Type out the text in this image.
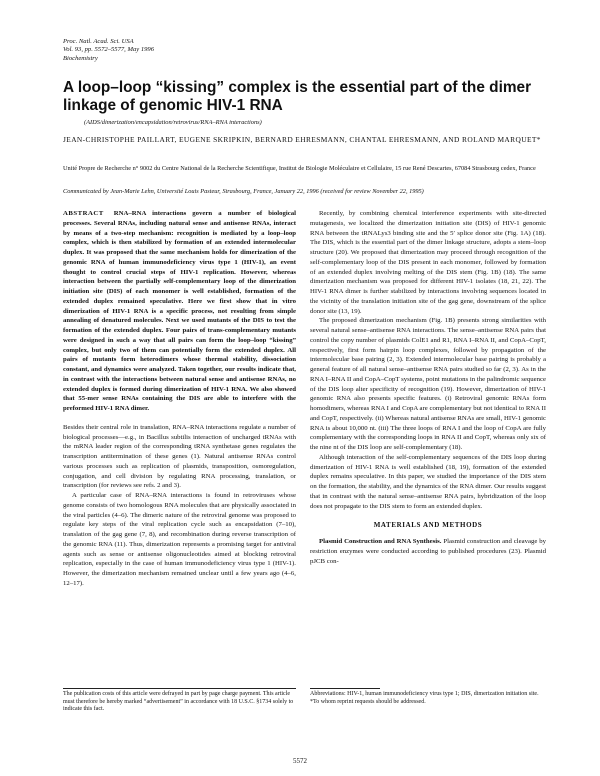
Proc. Natl. Acad. Sci. USA
Vol. 93, pp. 5572–5577, May 1996
Biochemistry
A loop–loop “kissing” complex is the essential part of the dimer linkage of genomic HIV-1 RNA
(AIDS/dimerization/encapsidation/retrovirus/RNA–RNA interactions)
JEAN-CHRISTOPHE PAILLART, EUGENE SKRIPKIN, BERNARD EHRESMANN, CHANTAL EHRESMANN, AND ROLAND MARQUET*
Unité Propre de Recherche n° 9002 du Centre National de la Recherche Scientifique, Institut de Biologie Moléculaire et Cellulaire, 15 rue René Descartes, 67084 Strasbourg cedex, France
Communicated by Jean-Marie Lehn, Université Louis Pasteur, Strasbourg, France, January 22, 1996 (received for review November 22, 1995)

ABSTRACT RNA–RNA interactions govern a number of biological processes. Several RNAs, including natural sense and antisense RNAs, interact by means of a two-step mechanism: recognition is mediated by a loop–loop complex, which is then stabilized by formation of an extended intermolecular duplex. It was proposed that the same mechanism holds for dimerization of the genomic RNA of human immunodeficiency virus type 1 (HIV-1), an event thought to control crucial steps of HIV-1 replication. However, whereas interaction between the partially self-complementary loop of the dimerization initiation site (DIS) of each monomer is well established, formation of the extended duplex remained speculative. Here we first show that in vitro dimerization of HIV-1 RNA is a specific process, not resulting from simple annealing of denatured molecules. Next we used mutants of the DIS to test the formation of the extended duplex. Four pairs of trans-complementary mutants were designed in such a way that all pairs can form the loop–loop “kissing” complex, but only two of them can potentially form the extended duplex. All pairs of mutants form heterodimers whose thermal stability, dissociation constant, and dynamics were analyzed. Taken together, our results indicate that, in contrast with the interactions between natural sense and antisense RNAs, no extended duplex is formed during dimerization of HIV-1 RNA. We also showed that 55-mer sense RNAs containing the DIS are able to interfere with the preformed HIV-1 RNA dimer.

Besides their central role in translation, RNA–RNA interactions regulate a number of biological processes—e.g., in Bacillus subtilis interaction of uncharged tRNAs with the mRNA leader region of the corresponding tRNA synthetase genes regulates the transcription antitermination of these genes (1). Natural antisense RNAs control various processes such as replication of plasmids, transposition, osmoregulation, conjugation, and cell division by regulating RNA processing, translation, or transcription (for reviews see refs. 2 and 3).

A particular case of RNA–RNA interactions is found in retroviruses whose genome consists of two homologous RNA molecules that are physically associated in the viral particles (4–6). The dimeric nature of the retroviral genome was proposed to regulate key steps of the viral replication cycle such as encapsidation (7–10), translation of the gag gene (7, 8), and recombination during reverse transcription of the genomic RNA (11). Thus, dimerization represents a promising target for antiviral agents such as sense or antisense oligonucleotides aimed at blocking retroviral replication, especially in the case of human immunodeficiency virus type 1 (HIV-1). However, the dimerization mechanism remained unclear until a few years ago (4–6, 12–17).

Recently, by combining chemical interference experiments with site-directed mutagenesis, we localized the dimerization initiation site (DIS) of HIV-1 genomic RNA between the tRNALys3 binding site and the 5′ splice donor site (Fig. 1A) (18). The DIS, which is the essential part of the dimer linkage structure, adopts a stem–loop structure (20). We proposed that dimerization may proceed through recognition of the self-complementary loop of the DIS present in each monomer, followed by formation of an extended duplex involving melting of the DIS stem (Fig. 1B) (18). The same dimerization mechanism was proposed for different HIV-1 isolates (18, 21, 22). The HIV-1 RNA dimer is further stabilized by interactions involving sequences located in the vicinity of the translation initiation site of the gag gene, downstream of the splice donor site (13, 19).

The proposed dimerization mechanism (Fig. 1B) presents strong similarities with several natural sense–antisense RNA interactions. The sense–antisense RNA pairs that control the copy number of plasmids ColE1 and R1, RNA I–RNA II, and CopA–CopT, respectively, first form hairpin loop complexes, followed by propagation of the intermolecular base pairing (2, 3). Extended intermolecular base pairing is probably a general feature of all natural sense–antisense RNA pairs studied so far (2, 3). As in the RNA I–RNA II and CopA–CopT systems, point mutations in the palindromic sequence of the DIS loop alter specificity of recognition (19). However, dimerization of HIV-1 genomic RNA also presents specific features. (i) Retroviral genomic RNAs form homodimers, whereas RNA I and CopA are complementary but not identical to RNA II and CopT, respectively. (ii) Whereas natural antisense RNAs are small, HIV-1 genomic RNA is about 10,000 nt. (iii) The three loops of RNA I and the loop of CopA are fully complementary with the corresponding loops in RNA II and CopT, whereas only six of the nine nt of the DIS loop are self-complementary (18).

Although interaction of the self-complementary sequences of the DIS loop during dimerization of HIV-1 RNA is well established (18, 19), formation of the extended duplex remains speculative. In this paper, we studied the importance of the DIS stem on the formation, the stability, and the dynamics of the RNA dimer. Our results suggest that in contrast with the natural sense–antisense RNA pairs, hybridization of the loop does not propagate to the DIS stem to form an extended duplex.

MATERIALS AND METHODS

Plasmid Construction and RNA Synthesis. Plasmid construction and cleavage by restriction enzymes were conducted according to published procedures (23). Plasmid pJCB con-

The publication costs of this article were defrayed in part by page charge payment. This article must therefore be hereby marked “advertisement” in accordance with 18 U.S.C. §1734 solely to indicate this fact.
Abbreviations: HIV-1, human immunodeficiency virus type 1; DIS, dimerization initiation site.
*To whom reprint requests should be addressed.
5572
